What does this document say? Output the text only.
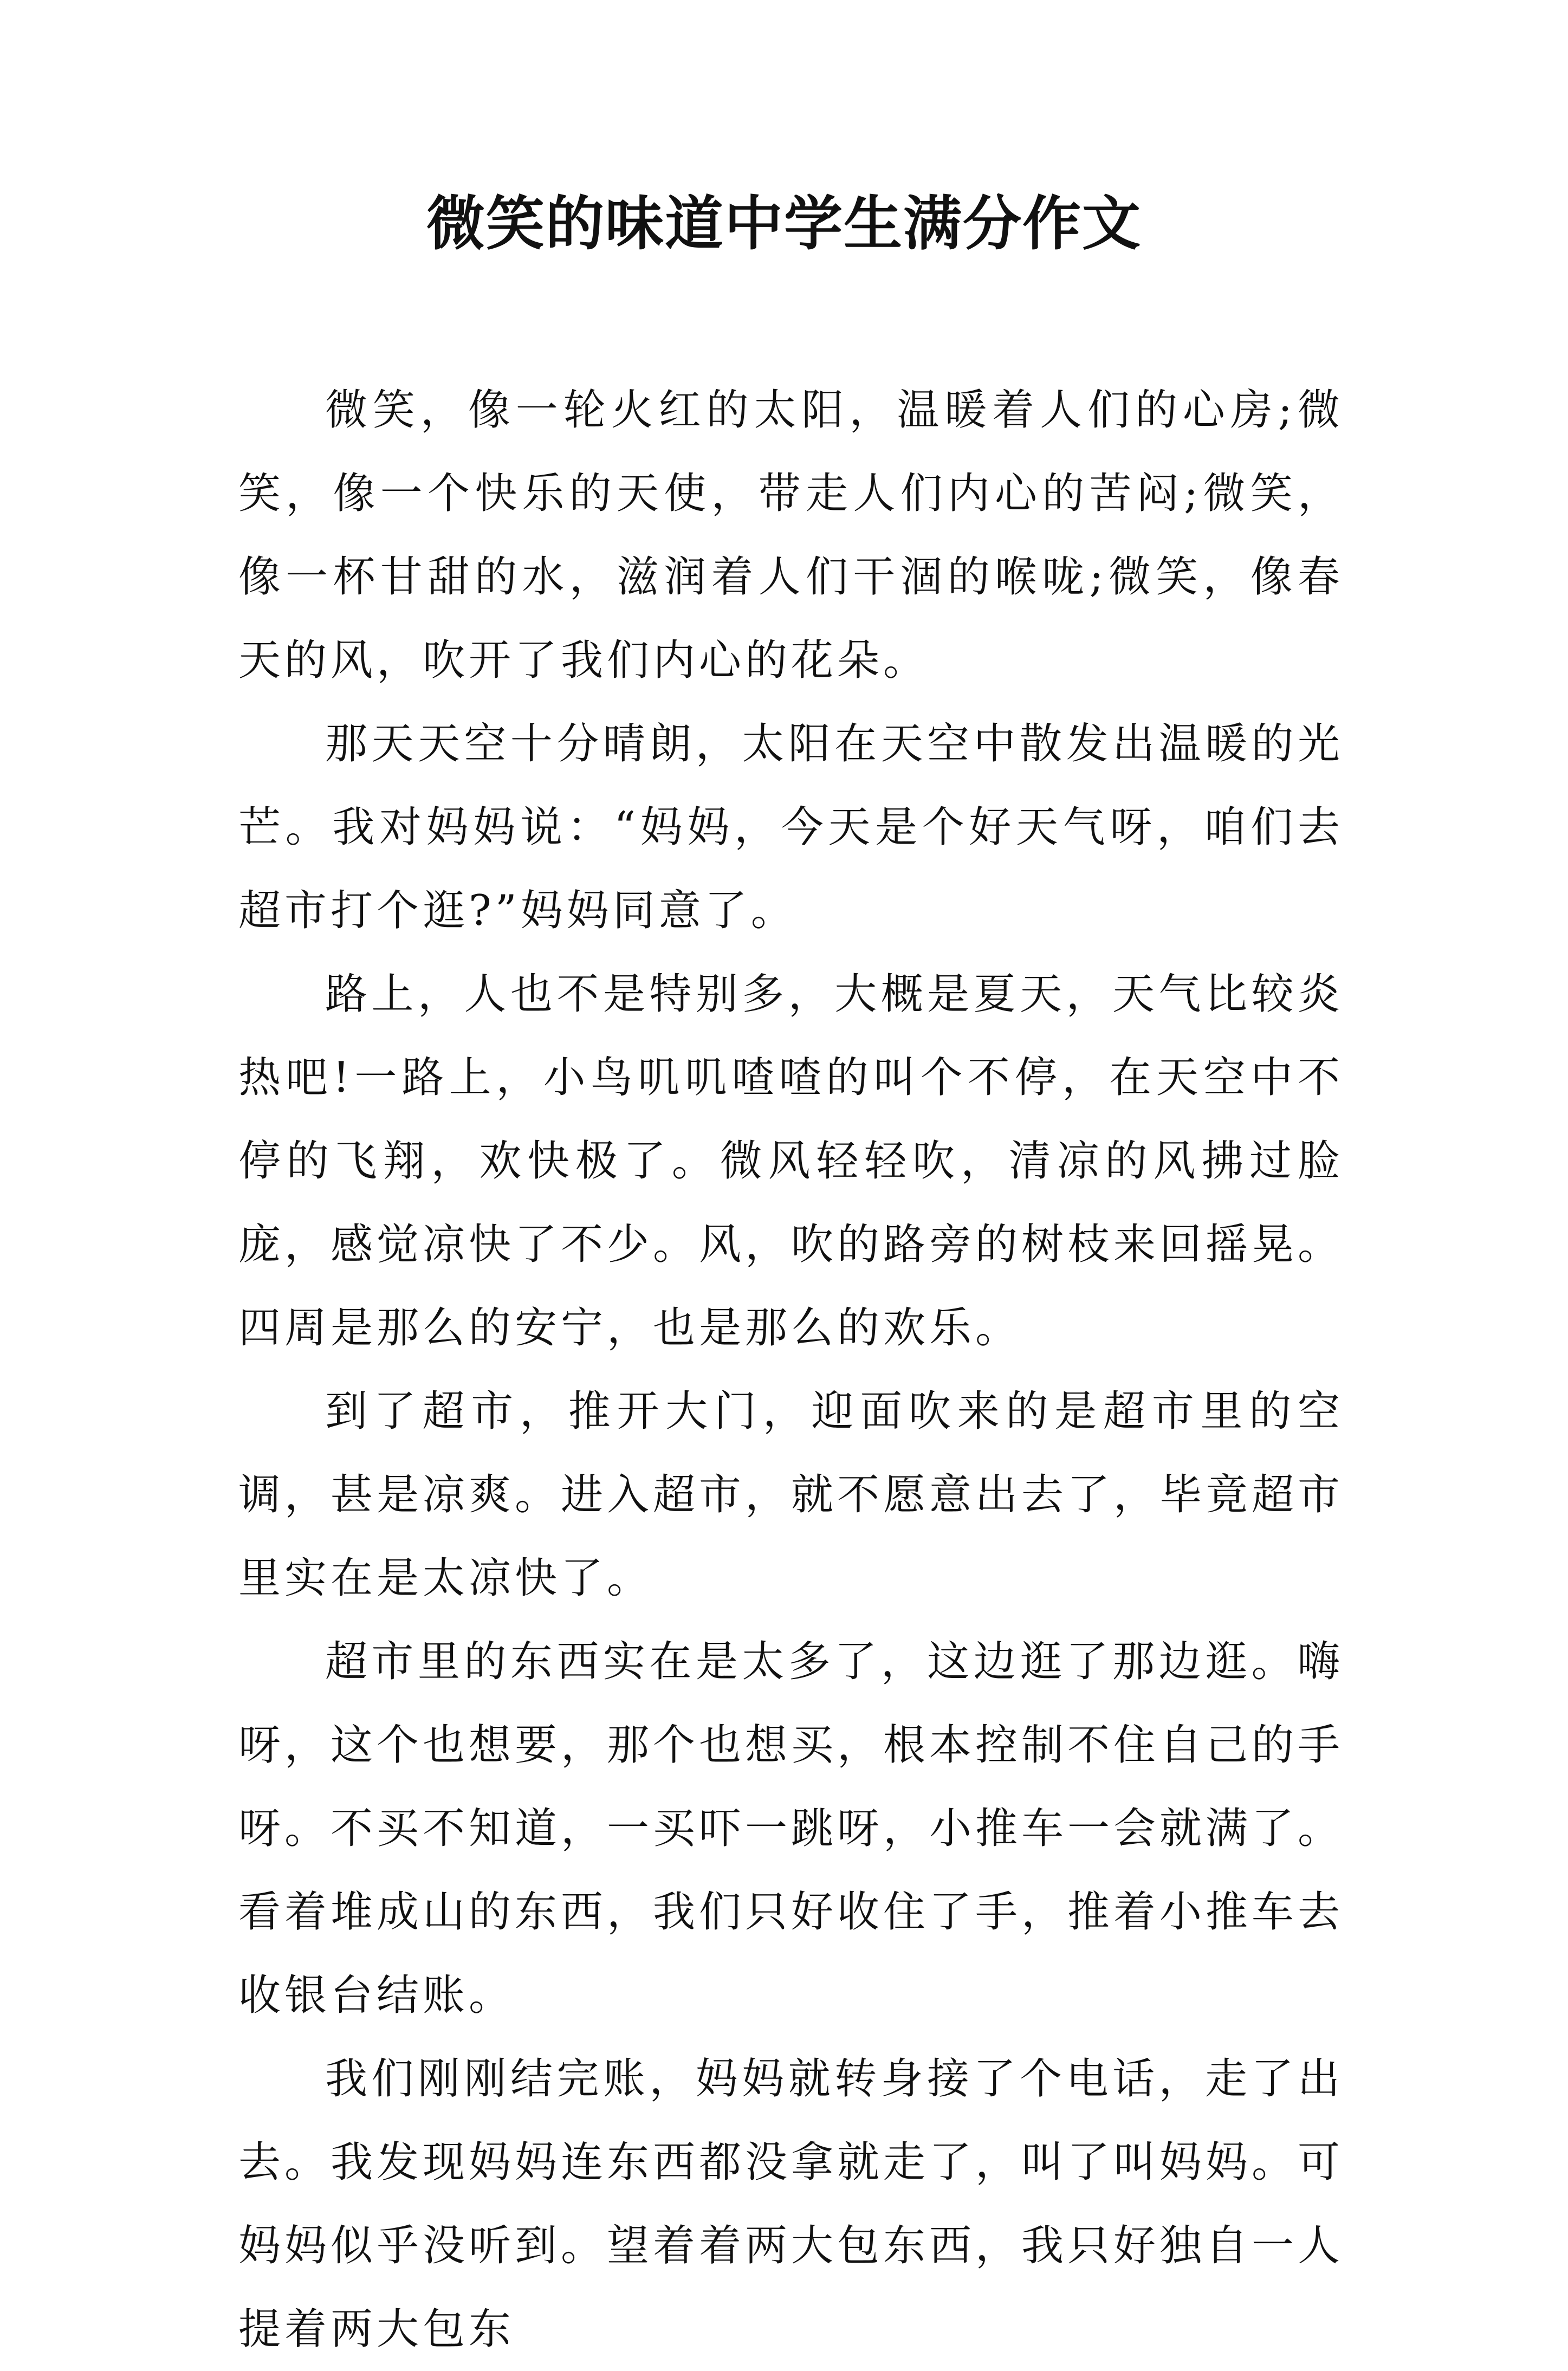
微笑的味道中学生满分作文

微笑，像一轮火红的太阳，温暖着人们的心房;微笑，像一个快乐的天使，带走人们内心的苦闷;微笑，像一杯甘甜的水，滋润着人们干涸的喉咙;微笑，像春天的风，吹开了我们内心的花朵。

那天天空十分晴朗，太阳在天空中散发出温暖的光芒。我对妈妈说：“妈妈，今天是个好天气呀，咱们去超市打个逛?”妈妈同意了。

路上，人也不是特别多，大概是夏天，天气比较炎热吧!一路上，小鸟叽叽喳喳的叫个不停，在天空中不停的飞翔，欢快极了。微风轻轻吹，清凉的风拂过脸庞，感觉凉快了不少。风，吹的路旁的树枝来回摇晃。四周是那么的安宁，也是那么的欢乐。

到了超市，推开大门，迎面吹来的是超市里的空调，甚是凉爽。进入超市，就不愿意出去了，毕竟超市里实在是太凉快了。

超市里的东西实在是太多了，这边逛了那边逛。嗨呀，这个也想要，那个也想买，根本控制不住自己的手呀。不买不知道，一买吓一跳呀，小推车一会就满了。看着堆成山的东西，我们只好收住了手，推着小推车去收银台结账。

我们刚刚结完账，妈妈就转身接了个电话，走了出去。我发现妈妈连东西都没拿就走了，叫了叫妈妈。可妈妈似乎没听到。望着着两大包东西，我只好独自一人提着两大包东
